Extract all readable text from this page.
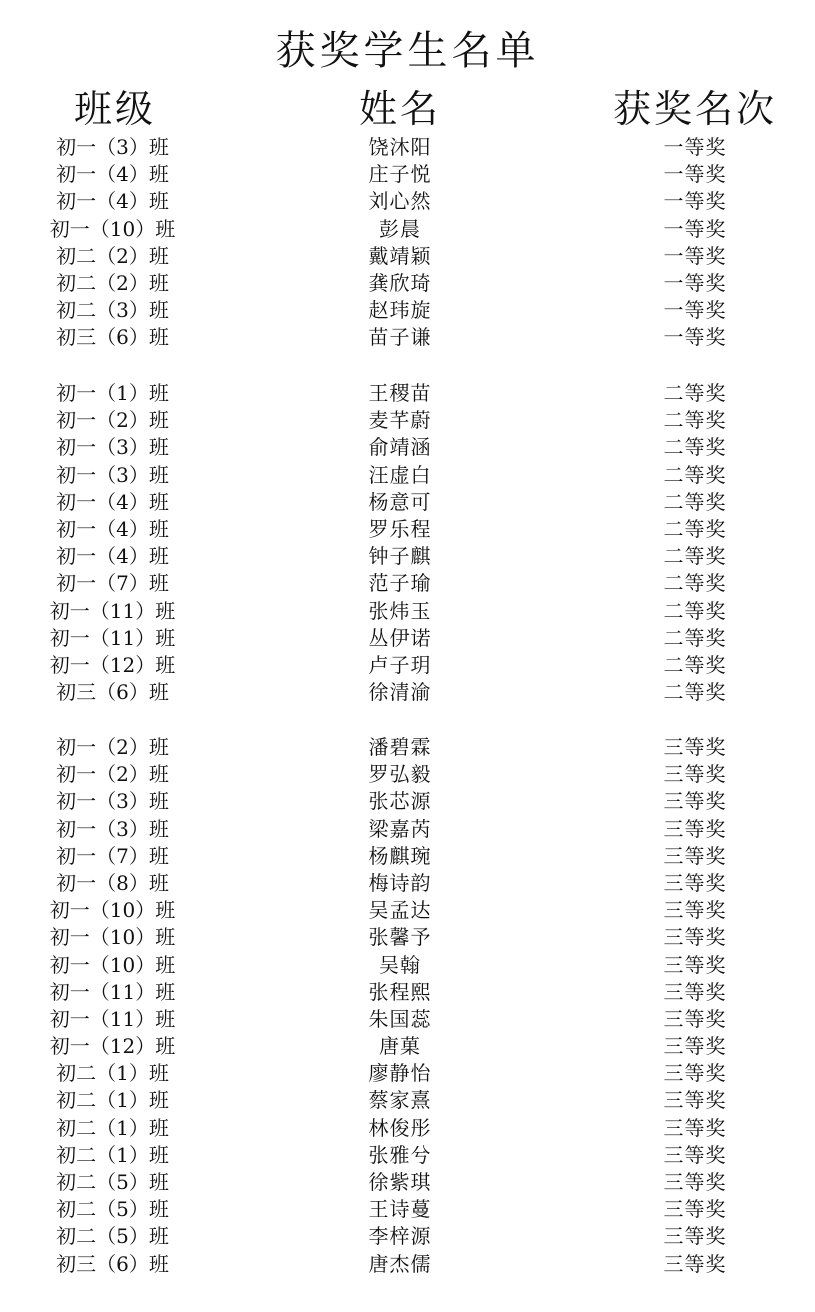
获奖学生名单
班级	姓名	获奖名次
初一（3）班	饶沐阳	一等奖
初一（4）班	庄子悦	一等奖
初一（4）班	刘心然	一等奖
初一（10）班	彭晨	一等奖
初二（2）班	戴靖颖	一等奖
初二（2）班	龚欣琦	一等奖
初二（3）班	赵玮旋	一等奖
初三（6）班	苗子谦	一等奖
初一（1）班	王稷苗	二等奖
初一（2）班	麦芊蔚	二等奖
初一（3）班	俞靖涵	二等奖
初一（3）班	汪虚白	二等奖
初一（4）班	杨意可	二等奖
初一（4）班	罗乐程	二等奖
初一（4）班	钟子麒	二等奖
初一（7）班	范子瑜	二等奖
初一（11）班	张炜玉	二等奖
初一（11）班	丛伊诺	二等奖
初一（12）班	卢子玥	二等奖
初三（6）班	徐清渝	二等奖
初一（2）班	潘碧霖	三等奖
初一（2）班	罗弘毅	三等奖
初一（3）班	张芯源	三等奖
初一（3）班	梁嘉芮	三等奖
初一（7）班	杨麒琬	三等奖
初一（8）班	梅诗韵	三等奖
初一（10）班	吴孟达	三等奖
初一（10）班	张馨予	三等奖
初一（10）班	吴翰	三等奖
初一（11）班	张程熙	三等奖
初一（11）班	朱国蕊	三等奖
初一（12）班	唐菓	三等奖
初二（1）班	廖静怡	三等奖
初二（1）班	蔡家熹	三等奖
初二（1）班	林俊彤	三等奖
初二（1）班	张雅兮	三等奖
初二（5）班	徐紫琪	三等奖
初二（5）班	王诗蔓	三等奖
初二（5）班	李梓源	三等奖
初三（6）班	唐杰儒	三等奖
